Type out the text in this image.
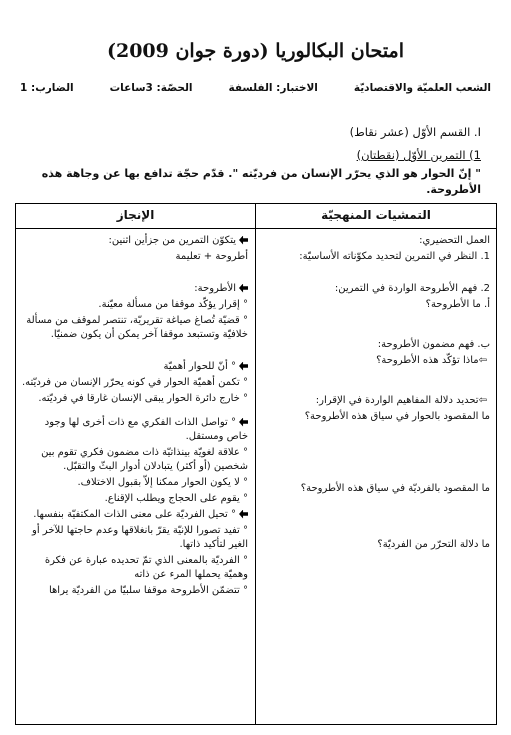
امتحان البكالوريا (دورة جوان 2009)
الشعب العلميّة والاقتصاديّة
الاختبار: الفلسفة
الحصّة: 3ساعات
الضارب: 1
I. القسم الأوّل (عشر نقاط)
1) التمرين الأوّل (نقطتان)
" إنّ الحوار هو الذي يحرّر الإنسان من فرديّته ". قدّم حجّة تدافع بها عن وجاهة هذه الأطروحة.
التمشيات المنهجيّة
الإنجاز

العمل التحضيري:

1. النظر في التمرين لتحديد مكوّناته الأساسيّة:

2. فهم الأطروحة الواردة في التمرين:

أ. ما الأطروحة؟

ب. فهم مضمون الأطروحة:

⇦ماذا تؤكّد هذه الأطروحة؟

⇦تحديد دلالة المفاهيم الواردة في الإقرار:

ما المقصود بالحوار في سياق هذه الأطروحة؟

ما المقصود بالفرديّة في سياق هذه الأطروحة؟

ما دلالة التحرّر من الفرديّة؟

يتكوّن التمرين من جزأين اثنين:

أطروحة + تعليمة

الأطروحة:

° إقرار يؤكّد موقفا من مسألة معيّنة.

° قضيّة تُصاغ صياغة تقريريّة، تنتصر لموقف من مسألة خلافيّة وتستبعد موقفا آخر يمكن أن يكون ضمنيّا.

° أنّ للحوار أهميّة

° تكمن أهميّة الحوار في كونه يحرّر الإنسان من فرديّته.

° خارج دائرة الحوار يبقى الإنسان غارقا في فرديّته.

° تواصل الذات الفكري مع ذات أخرى لها وجود خاص ومستقل.

° علاقة لغويّة بينذاتيّة ذات مضمون فكري تقوم بين شخصين (أو أكثر) يتبادلان أدوار البثّ والتقبّل.

° لا يكون الحوار ممكنا إلاّ بقبول الاختلاف.

° يقوم على الحجاج ويطلب الإقناع.

° تحيل الفرديّة على معنى الذات المكتفيّة بنفسها.

° تفيد تصورا للإنيّة يقرّ بانغلاقها وعدم حاجتها للآخر أو الغير لتأكيد ذاتها.

° الفرديّة بالمعنى الذي تمّ تحديده عبارة عن فكرة وهميّة يحملها المرء عن ذاته

° تتضمّن الأطروحة موقفا سلبيّا من الفرديّة يراها
